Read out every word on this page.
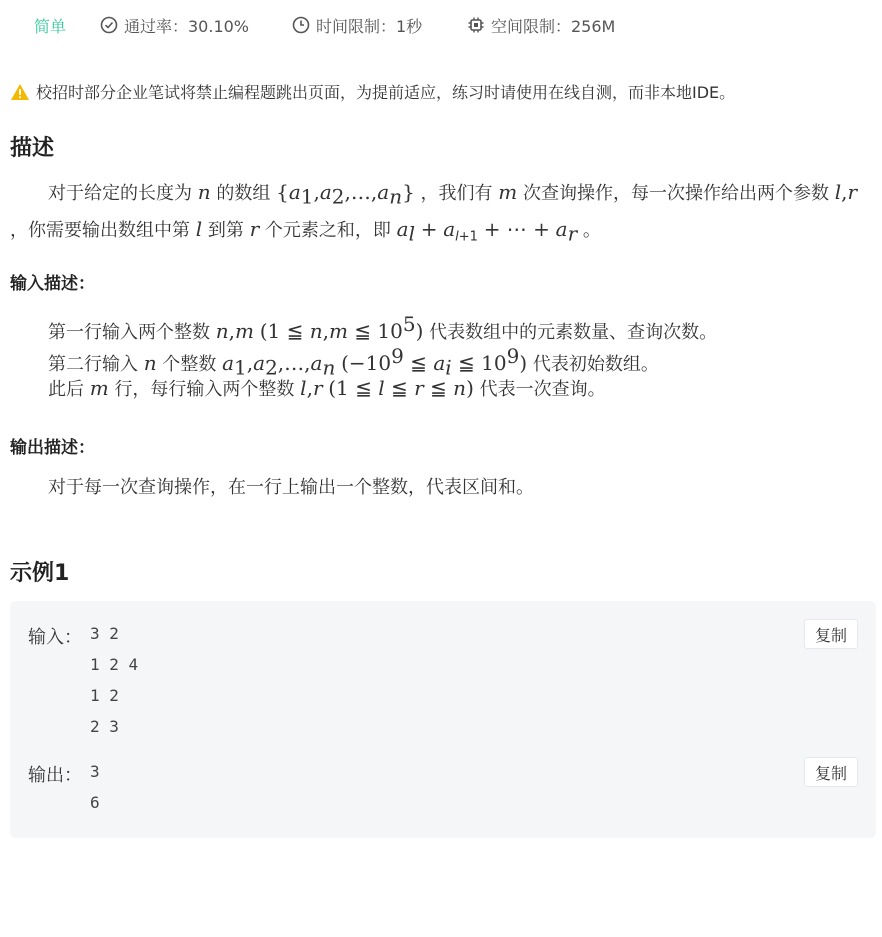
简单	通过率：30.10%	时间限制：1秒	空间限制：256M
校招时部分企业笔试将禁止编程题跳出页面，为提前适应，练习时请使用在线自测，而非本地IDE。
描述
对于给定的长度为 n 的数组 $\{a_1,a_2,\dots,a_n\}$ ，我们有 m 次查询操作，每一次操作给出两个参数 l,r ，你需要输出数组中第 l 到第 r 个元素之和，即 $a_l + a_{l+1}$ + ⋯ + $a_r$ 。
输入描述：
第一行输入两个整数 n,m (1 ≦ n,m ≦ $10^5$) 代表数组中的元素数量、查询次数。
第二行输入 n 个整数 $a_1,a_2,\dots,a_n$ ($-10^9$ ≦ $a_i$ ≦ $10^9$) 代表初始数组。
此后 m 行，每行输入两个整数 l,r (1 ≦ l ≦ r ≦ n) 代表一次查询。
输出描述：
对于每一次查询操作，在一行上输出一个整数，代表区间和。
示例1
输入： 3 2
1 2 4
1 2
2 3
复制
输出： 3
6
复制
